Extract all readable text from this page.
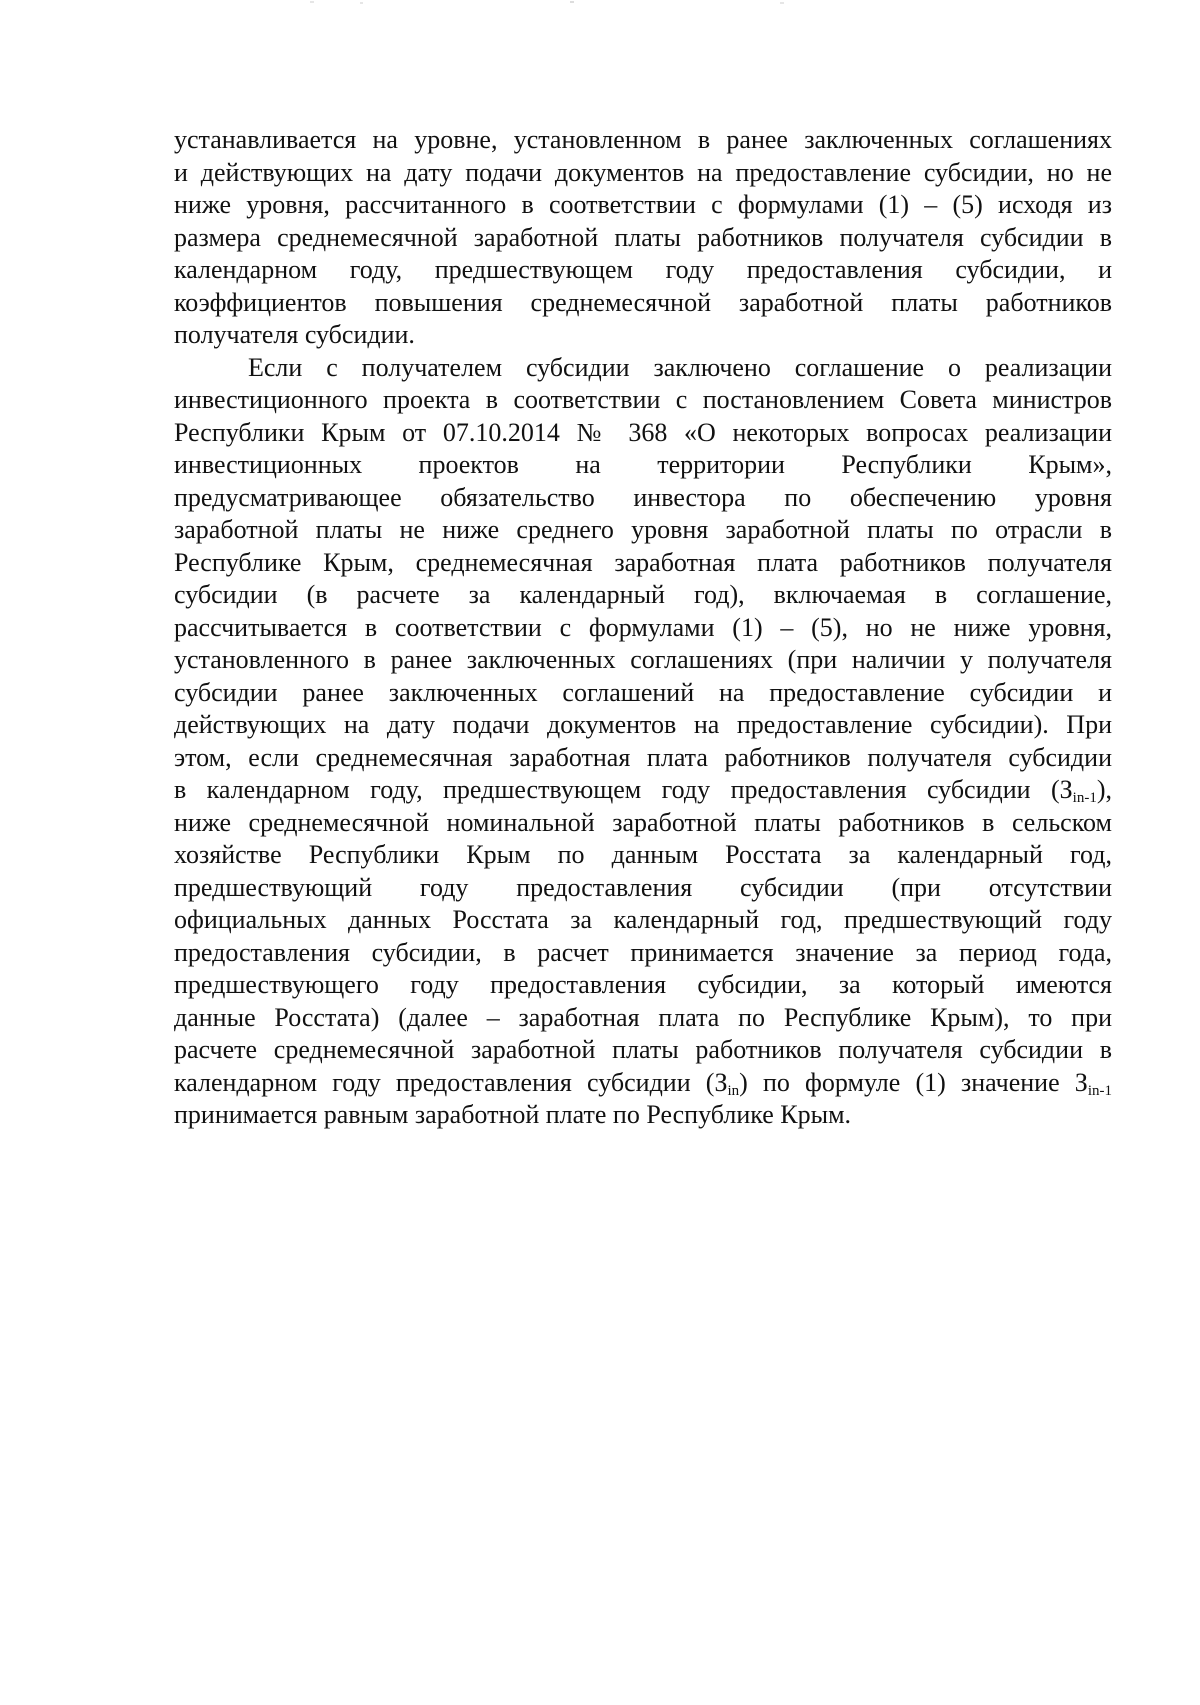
устанавливается на уровне, установленном в ранее заключенных соглашениях
и действующих на дату подачи документов на предоставление субсидии, но не
ниже уровня, рассчитанного в соответствии с формулами (1) – (5) исходя из
размера среднемесячной заработной платы работников получателя субсидии в
календарном году, предшествующем году предоставления субсидии, и
коэффициентов повышения среднемесячной заработной платы работников
получателя субсидии.
Если с получателем субсидии заключено соглашение о реализации
инвестиционного проекта в соответствии с постановлением Совета министров
Республики Крым от 07.10.2014 № 368 «О некоторых вопросах реализации
инвестиционных проектов на территории Республики Крым»,
предусматривающее обязательство инвестора по обеспечению уровня
заработной платы не ниже среднего уровня заработной платы по отрасли в
Республике Крым, среднемесячная заработная плата работников получателя
субсидии (в расчете за календарный год), включаемая в соглашение,
рассчитывается в соответствии с формулами (1) – (5), но не ниже уровня,
установленного в ранее заключенных соглашениях (при наличии у получателя
субсидии ранее заключенных соглашений на предоставление субсидии и
действующих на дату подачи документов на предоставление субсидии). При
этом, если среднемесячная заработная плата работников получателя субсидии
в календарном году, предшествующем году предоставления субсидии $(З_{in-1})$,
ниже среднемесячной номинальной заработной платы работников в сельском
хозяйстве Республики Крым по данным Росстата за календарный год,
предшествующий году предоставления субсидии (при отсутствии
официальных данных Росстата за календарный год, предшествующий году
предоставления субсидии, в расчет принимается значение за период года,
предшествующего году предоставления субсидии, за который имеются
данные Росстата) (далее – заработная плата по Республике Крым), то при
расчете среднемесячной заработной платы работников получателя субсидии в
календарном году предоставления субсидии $(З_{in})$ по формуле (1) значение $З_{in-1}$
принимается равным заработной плате по Республике Крым.
